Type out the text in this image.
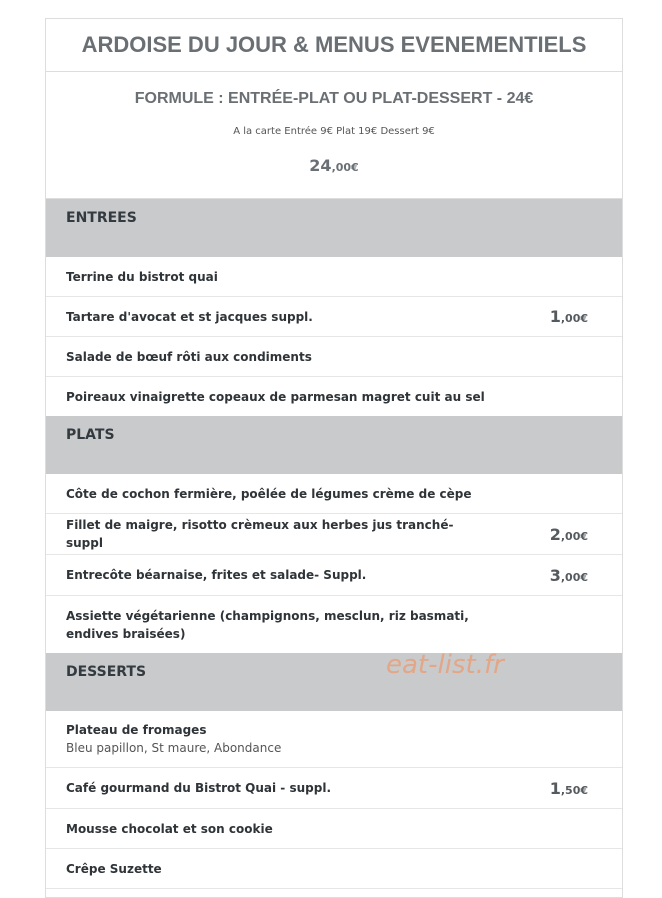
ARDOISE DU JOUR & MENUS EVENEMENTIELS
FORMULE : ENTRÉE-PLAT OU PLAT-DESSERT - 24€
A la carte Entrée 9€ Plat 19€ Dessert 9€
24,00€
ENTREES
Terrine du bistrot quai
Tartare d'avocat et st jacques suppl.	1,00€
Salade de bœuf rôti aux condiments
Poireaux vinaigrette copeaux de parmesan magret cuit au sel
PLATS
Côte de cochon fermière, poêlée de légumes crème de cèpe
Fillet de maigre, risotto crèmeux aux herbes jus tranché-suppl	2,00€
Entrecôte béarnaise, frites et salade- Suppl.	3,00€
Assiette végétarienne (champignons, mesclun, riz basmati, endives braisées)
DESSERTS
Plateau de fromages
Bleu papillon, St maure, Abondance
Café gourmand du Bistrot Quai - suppl.	1,50€
Mousse chocolat et son cookie
Crêpe Suzette
eat-list.fr
